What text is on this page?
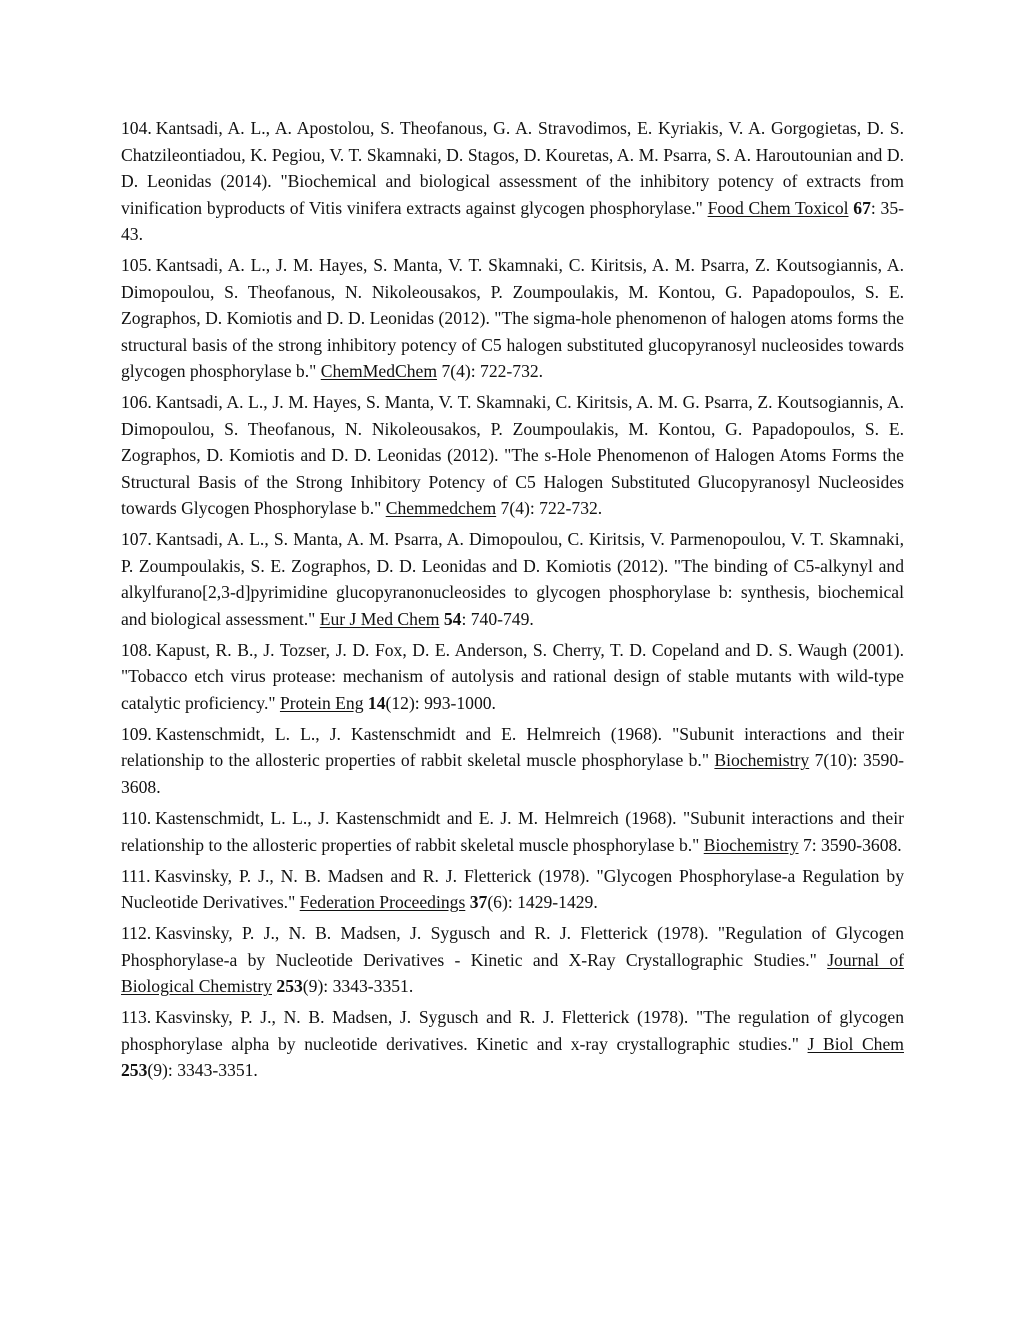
104. Kantsadi, A. L., A. Apostolou, S. Theofanous, G. A. Stravodimos, E. Kyriakis, V. A. Gorgogietas, D. S. Chatzileontiadou, K. Pegiou, V. T. Skamnaki, D. Stagos, D. Kouretas, A. M. Psarra, S. A. Haroutounian and D. D. Leonidas (2014). "Biochemical and biological assessment of the inhibitory potency of extracts from vinification byproducts of Vitis vinifera extracts against glycogen phosphorylase." Food Chem Toxicol 67: 35-43.

105. Kantsadi, A. L., J. M. Hayes, S. Manta, V. T. Skamnaki, C. Kiritsis, A. M. Psarra, Z. Koutsogiannis, A. Dimopoulou, S. Theofanous, N. Nikoleousakos, P. Zoumpoulakis, M. Kontou, G. Papadopoulos, S. E. Zographos, D. Komiotis and D. D. Leonidas (2012). "The sigma-hole phenomenon of halogen atoms forms the structural basis of the strong inhibitory potency of C5 halogen substituted glucopyranosyl nucleosides towards glycogen phosphorylase b." ChemMedChem 7(4): 722-732.

106. Kantsadi, A. L., J. M. Hayes, S. Manta, V. T. Skamnaki, C. Kiritsis, A. M. G. Psarra, Z. Koutsogiannis, A. Dimopoulou, S. Theofanous, N. Nikoleousakos, P. Zoumpoulakis, M. Kontou, G. Papadopoulos, S. E. Zographos, D. Komiotis and D. D. Leonidas (2012). "The s-Hole Phenomenon of Halogen Atoms Forms the Structural Basis of the Strong Inhibitory Potency of C5 Halogen Substituted Glucopyranosyl Nucleosides towards Glycogen Phosphorylase b." Chemmedchem 7(4): 722-732.

107. Kantsadi, A. L., S. Manta, A. M. Psarra, A. Dimopoulou, C. Kiritsis, V. Parmenopoulou, V. T. Skamnaki, P. Zoumpoulakis, S. E. Zographos, D. D. Leonidas and D. Komiotis (2012). "The binding of C5-alkynyl and alkylfurano[2,3-d]pyrimidine glucopyranonucleosides to glycogen phosphorylase b: synthesis, biochemical and biological assessment." Eur J Med Chem 54: 740-749.

108. Kapust, R. B., J. Tozser, J. D. Fox, D. E. Anderson, S. Cherry, T. D. Copeland and D. S. Waugh (2001). "Tobacco etch virus protease: mechanism of autolysis and rational design of stable mutants with wild-type catalytic proficiency." Protein Eng 14(12): 993-1000.

109. Kastenschmidt, L. L., J. Kastenschmidt and E. Helmreich (1968). "Subunit interactions and their relationship to the allosteric properties of rabbit skeletal muscle phosphorylase b." Biochemistry 7(10): 3590-3608.

110. Kastenschmidt, L. L., J. Kastenschmidt and E. J. M. Helmreich (1968). "Subunit interactions and their relationship to the allosteric properties of rabbit skeletal muscle phosphorylase b." Biochemistry 7: 3590-3608.

111. Kasvinsky, P. J., N. B. Madsen and R. J. Fletterick (1978). "Glycogen Phosphorylase-a Regulation by Nucleotide Derivatives." Federation Proceedings 37(6): 1429-1429.

112. Kasvinsky, P. J., N. B. Madsen, J. Sygusch and R. J. Fletterick (1978). "Regulation of Glycogen Phosphorylase-a by Nucleotide Derivatives - Kinetic and X-Ray Crystallographic Studies." Journal of Biological Chemistry 253(9): 3343-3351.

113. Kasvinsky, P. J., N. B. Madsen, J. Sygusch and R. J. Fletterick (1978). "The regulation of glycogen phosphorylase alpha by nucleotide derivatives. Kinetic and x-ray crystallographic studies." J Biol Chem 253(9): 3343-3351.
